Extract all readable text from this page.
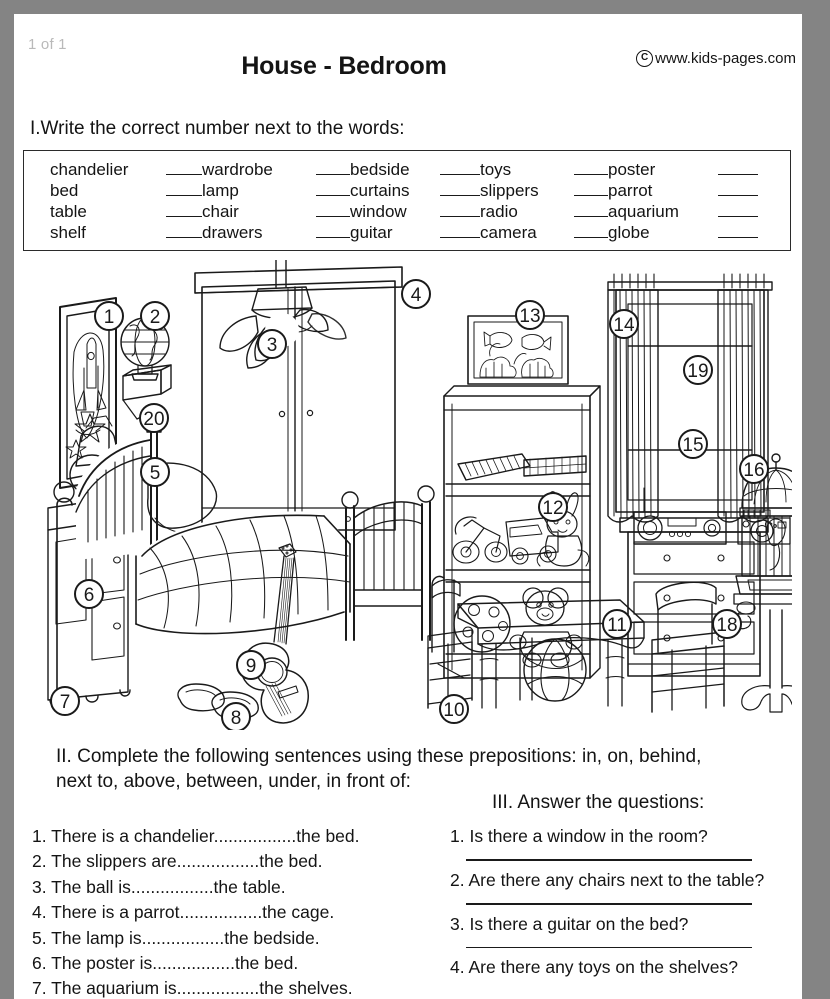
1 of 1
House - Bedroom	C www.kids-pages.com
I.Write the correct number next to the words:
chandelier	wardrobe	bedside	toys	poster
bed	lamp	curtains	slippers	parrot
table	chair	window	radio	aquarium
shelf	drawers	guitar	camera	globe
1 2
3
4
5
6
7
8
9
10
11
12
13	14
15
16
18
19
20
II. Complete the following sentences using these prepositions: in, on, behind,
next to, above, between, under, in front of:
III. Answer the questions:
1. There is a chandelier.................the bed.
2. The slippers are.................the bed.
3. The ball is.................the table.
4. There is a parrot.................the cage.
5. The lamp is.................the bedside.
6. The poster is.................the bed.
7. The aquarium is.................the shelves.
1. Is there a window in the room?
2. Are there any chairs next to the table?
3. Is there a guitar on the bed?
4. Are there any toys on the shelves?
